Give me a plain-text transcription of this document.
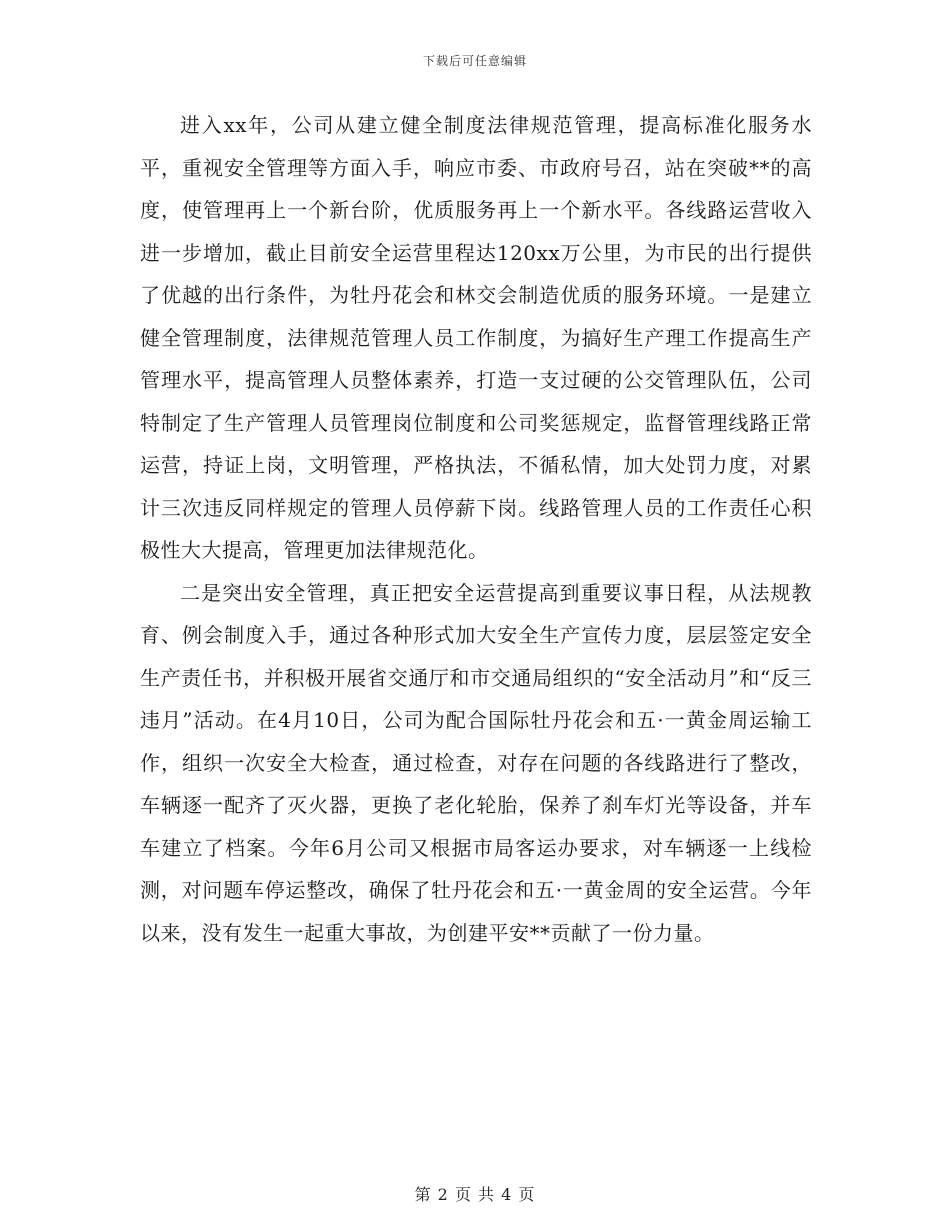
下载后可任意编辑

进入xx年，公司从建立健全制度法律规范管理，提高标准化服务水平，重视安全管理等方面入手，响应市委、市政府号召，站在突破**的高度，使管理再上一个新台阶，优质服务再上一个新水平。各线路运营收入进一步增加，截止目前安全运营里程达120xx万公里，为市民的出行提供了优越的出行条件，为牡丹花会和林交会制造优质的服务环境。一是建立健全管理制度，法律规范管理人员工作制度，为搞好生产理工作提高生产管理水平，提高管理人员整体素养，打造一支过硬的公交管理队伍，公司特制定了生产管理人员管理岗位制度和公司奖惩规定，监督管理线路正常运营，持证上岗，文明管理，严格执法，不循私情，加大处罚力度，对累计三次违反同样规定的管理人员停薪下岗。线路管理人员的工作责任心积极性大大提高，管理更加法律规范化。

二是突出安全管理，真正把安全运营提高到重要议事日程，从法规教育、例会制度入手，通过各种形式加大安全生产宣传力度，层层签定安全生产责任书，并积极开展省交通厅和市交通局组织的“安全活动月”和“反三违月”活动。在4月10日，公司为配合国际牡丹花会和五·一黄金周运输工作，组织一次安全大检查，通过检查，对存在问题的各线路进行了整改，车辆逐一配齐了灭火器，更换了老化轮胎，保养了刹车灯光等设备，并车车建立了档案。今年6月公司又根据市局客运办要求，对车辆逐一上线检测，对问题车停运整改，确保了牡丹花会和五·一黄金周的安全运营。今年以来，没有发生一起重大事故，为创建平安**贡献了一份力量。

第 2 页 共 4 页
